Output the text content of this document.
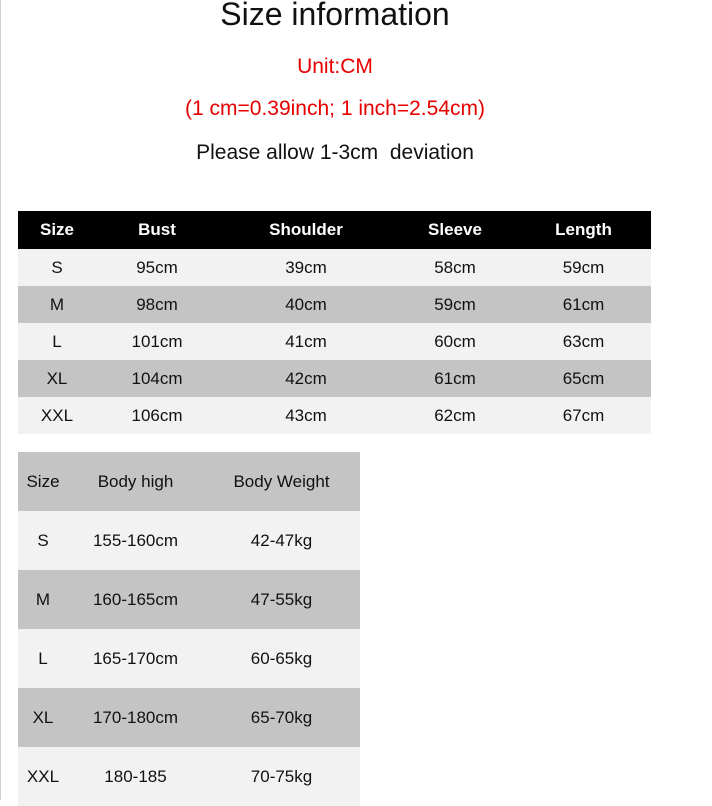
Size information
Unit:CM
(1 cm=0.39inch; 1 inch=2.54cm)
Please allow 1-3cm  deviation
Size	Bust	Shoulder	Sleeve	Length
S	95cm	39cm	58cm	59cm
M	98cm	40cm	59cm	61cm
L	101cm	41cm	60cm	63cm
XL	104cm	42cm	61cm	65cm
XXL	106cm	43cm	62cm	67cm
Size	Body high	Body Weight
S	155-160cm	42-47kg
M	160-165cm	47-55kg
L	165-170cm	60-65kg
XL	170-180cm	65-70kg
XXL	180-185	70-75kg
